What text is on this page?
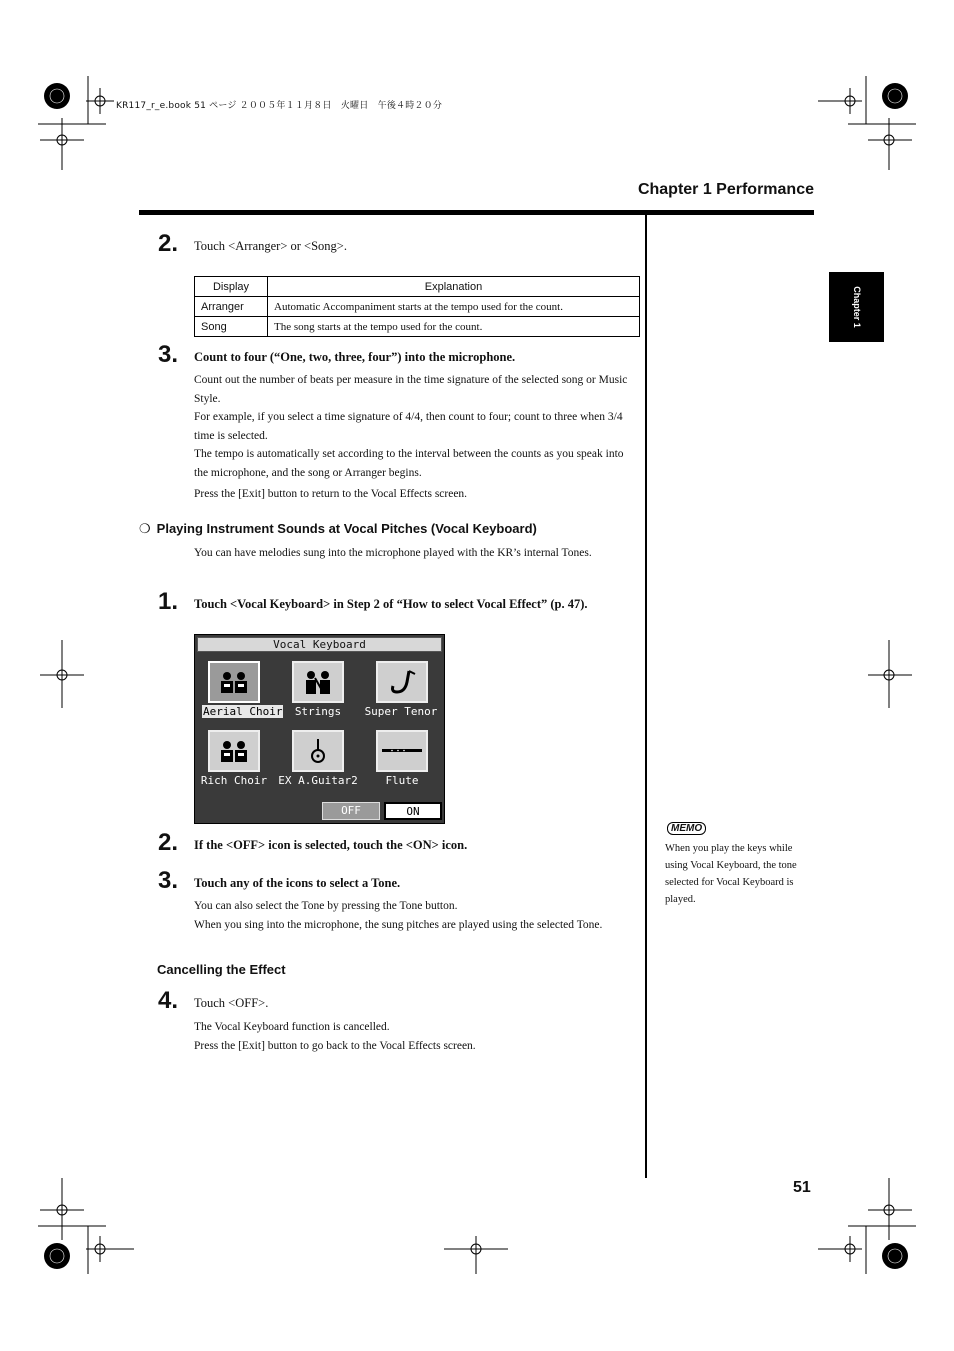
KR117_r_e.book 51 ページ ２００５年１１月８日　火曜日　午後４時２０分
Chapter 1 Performance
Chapter 1
2. Touch <Arranger> or <Song>.
Display	Explanation
Arranger	Automatic Accompaniment starts at the tempo used for the count.
Song	The song starts at the tempo used for the count.
3. Count to four (“One, two, three, four”) into the microphone.
Count out the number of beats per measure in the time signature of the selected song or Music Style.
For example, if you select a time signature of 4/4, then count to four; count to three when 3/4 time is selected.
The tempo is automatically set according to the interval between the counts as you speak into the microphone, and the song or Arranger begins.
Press the [Exit] button to return to the Vocal Effects screen.
❍ Playing Instrument Sounds at Vocal Pitches (Vocal Keyboard)
You can have melodies sung into the microphone played with the KR’s internal Tones.
1. Touch <Vocal Keyboard> in Step 2 of “How to select Vocal Effect” (p. 47).
Vocal Keyboard
Aerial Choir	Strings	Super Tenor
Rich Choir	EX A.Guitar2	Flute
OFF	ON
2. If the <OFF> icon is selected, touch the <ON> icon.
3. Touch any of the icons to select a Tone.
You can also select the Tone by pressing the Tone button.
When you sing into the microphone, the sung pitches are played using the selected Tone.
Cancelling the Effect
4. Touch <OFF>.
The Vocal Keyboard function is cancelled.
Press the [Exit] button to go back to the Vocal Effects screen.
MEMO
When you play the keys while using Vocal Keyboard, the tone selected for Vocal Keyboard is played.
51
